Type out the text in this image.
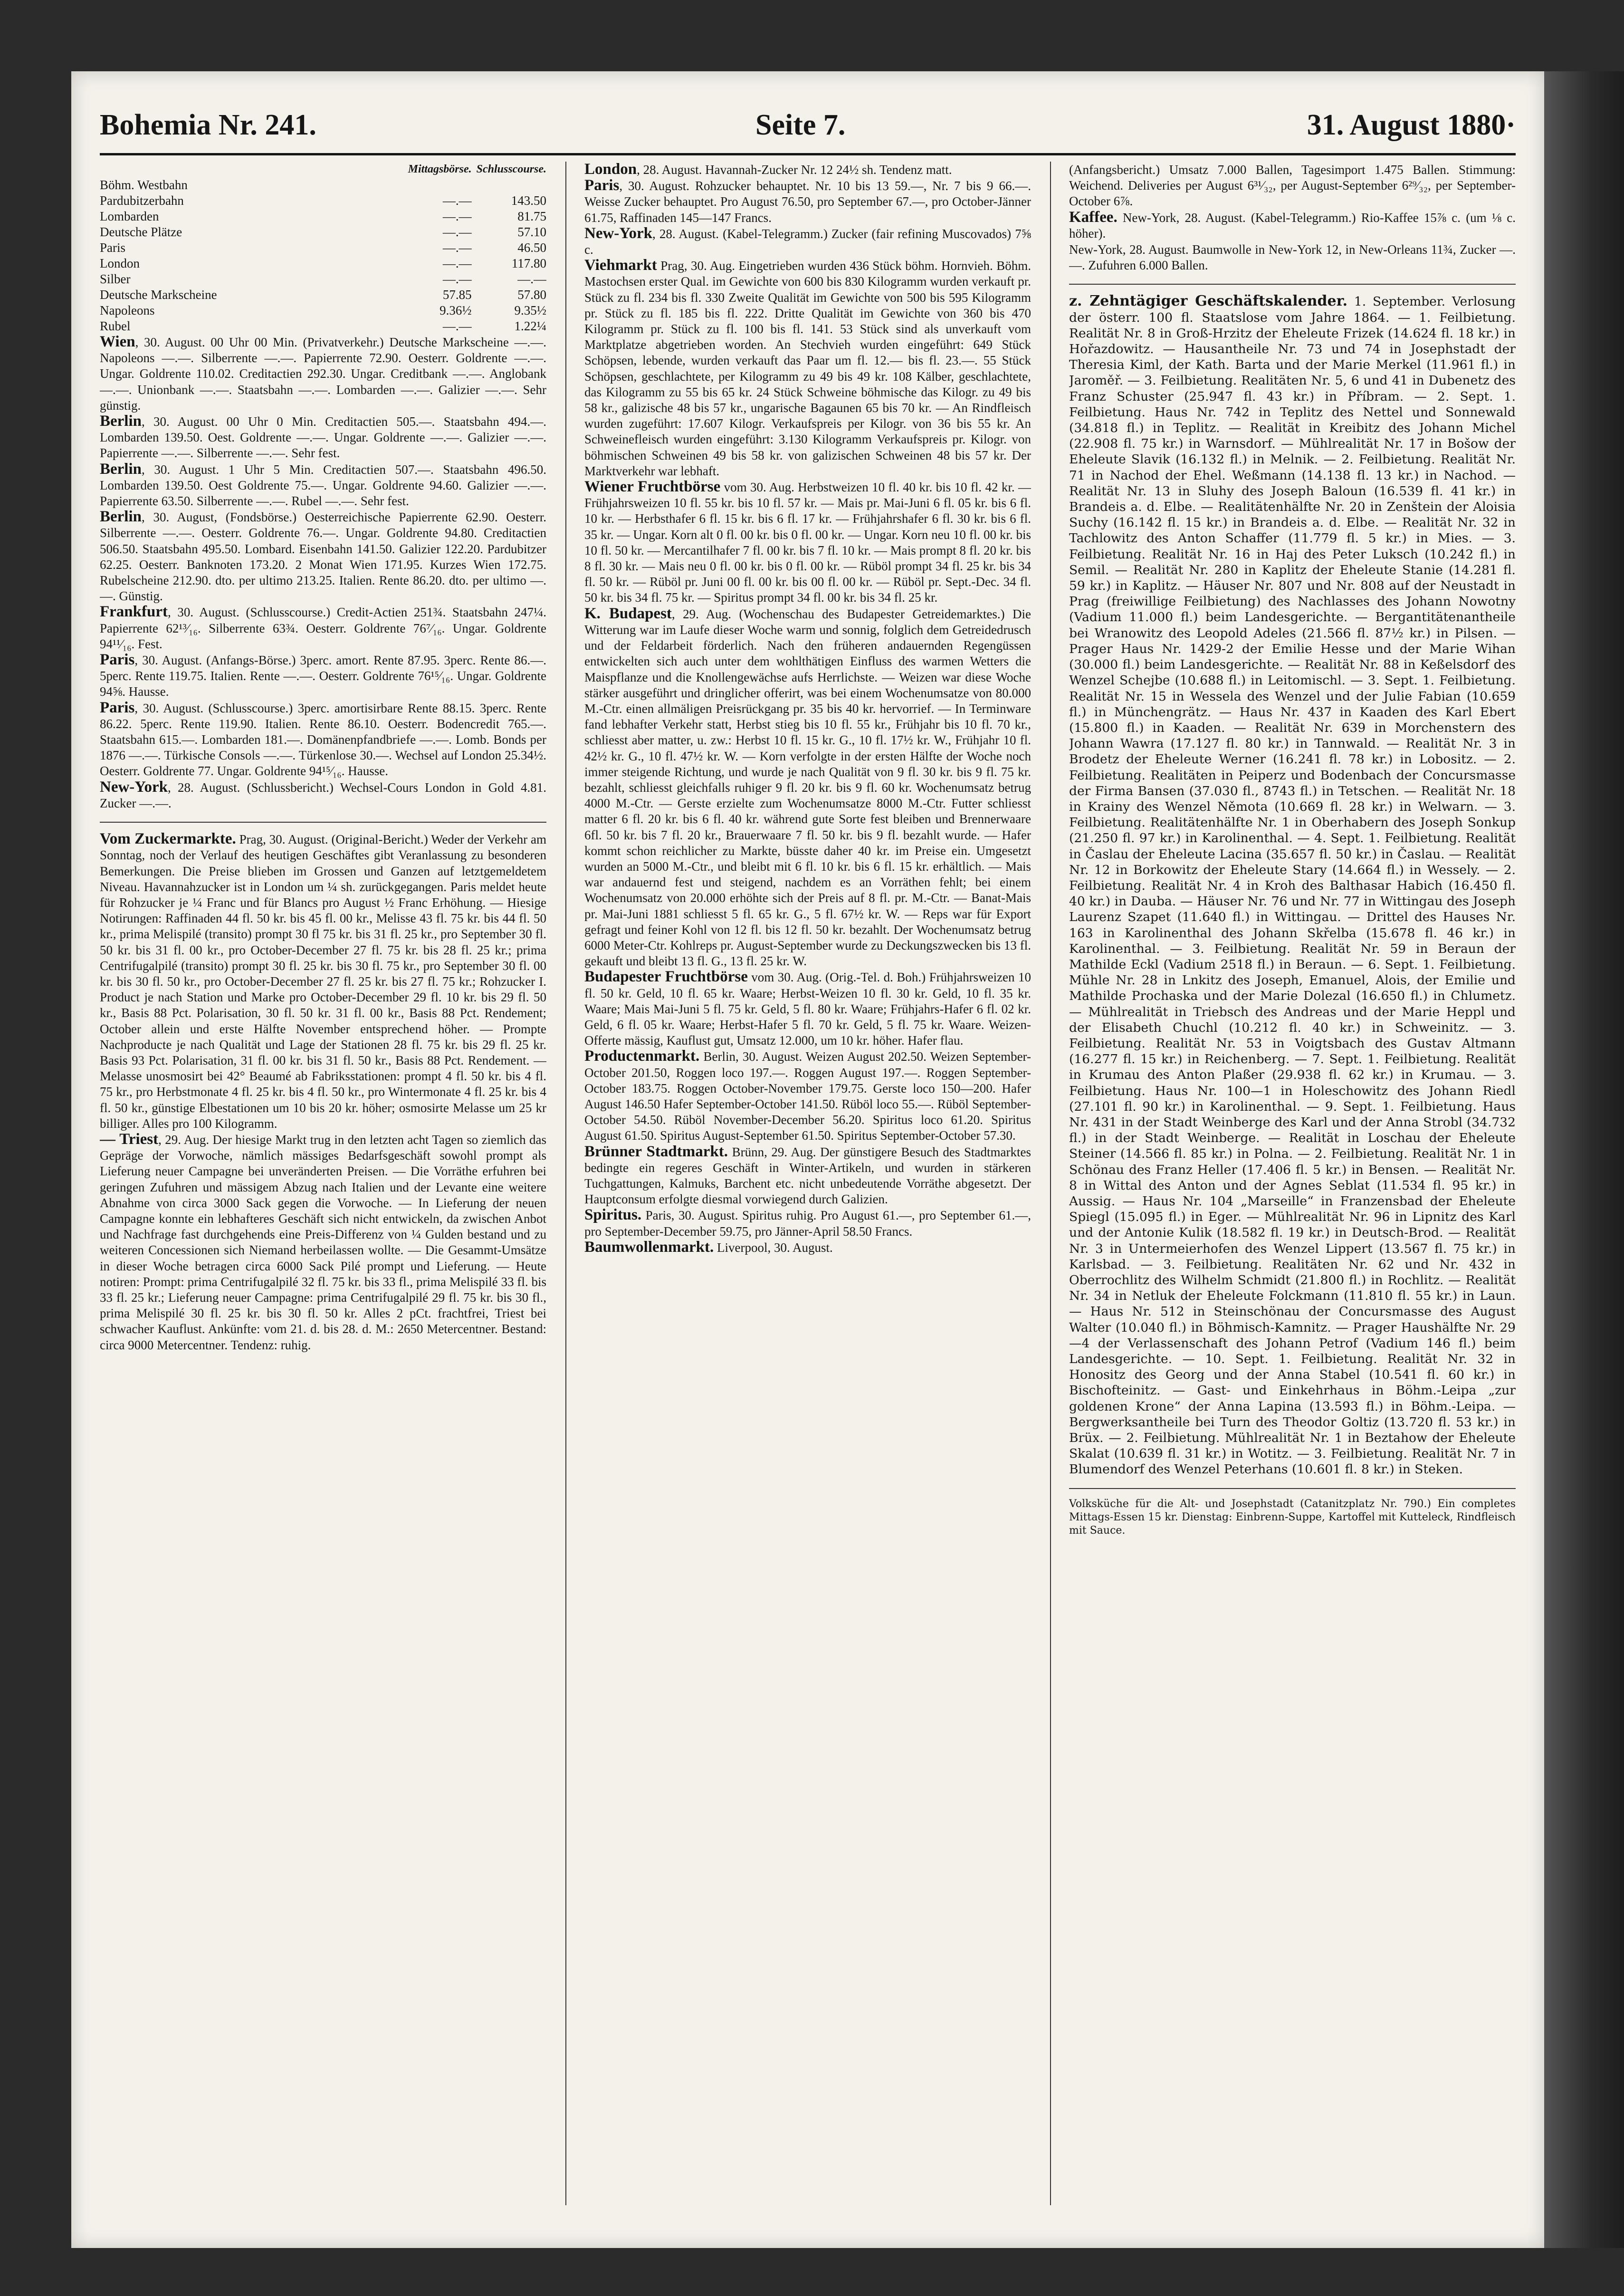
Bohemia Nr. 241.	Seite 7.	31. August 1880·
	Mittagsbörse.	Schlusscourse.
Böhm. Westbahn		
Pardubitzerbahn	—.—	143.50
Lombarden	—.—	81.75
Deutsche Plätze	—.—	57.10
Paris	—.—	46.50
London	—.—	117.80
Silber	—.—	—.—
Deutsche Markscheine	57.85	57.80
Napoleons	9.36½	9.35½
Rubel	—.—	1.22¼

Wien, 30. August. 00 Uhr 00 Min. (Privatverkehr.) Deutsche Markscheine —.—. Napoleons —.—. Silberrente —.—. Papierrente 72.90. Oesterr. Goldrente —.—. Ungar. Goldrente 110.02. Creditactien 292.30. Ungar. Creditbank —.—. Anglobank —.—. Unionbank —.—. Staatsbahn —.—. Lombarden —.—. Galizier —.—. Sehr günstig.

Berlin, 30. August. 00 Uhr 0 Min. Creditactien 505.—. Staatsbahn 494.—. Lombarden 139.50. Oest. Goldrente —.—. Ungar. Goldrente —.—. Galizier —.—. Papierrente —.—. Silberrente —.—. Sehr fest.

Berlin, 30. August. 1 Uhr 5 Min. Creditactien 507.—. Staatsbahn 496.50. Lombarden 139.50. Oest Goldrente 75.—. Ungar. Goldrente 94.60. Galizier —.—. Papierrente 63.50. Silberrente —.—. Rubel —.—. Sehr fest.

Berlin, 30. August, (Fondsbörse.) Oesterreichische Papierrente 62.90. Oesterr. Silberrente —.—. Oesterr. Goldrente 76.—. Ungar. Goldrente 94.80. Creditactien 506.50. Staatsbahn 495.50. Lombard. Eisenbahn 141.50. Galizier 122.20. Pardubitzer 62.25. Oesterr. Banknoten 173.20. 2 Monat Wien 171.95. Kurzes Wien 172.75. Rubelscheine 212.90. dto. per ultimo 213.25. Italien. Rente 86.20. dto. per ultimo —.—. Günstig.

Frankfurt, 30. August. (Schlusscourse.) Credit-Actien 251¾. Staatsbahn 247¼. Papierrente 62¹³⁄₁₆. Silberrente 63¾. Oesterr. Goldrente 76⁷⁄₁₆. Ungar. Goldrente 94¹¹⁄₁₆. Fest.

Paris, 30. August. (Anfangs-Börse.) 3perc. amort. Rente 87.95. 3perc. Rente 86.—. 5perc. Rente 119.75. Italien. Rente —.—. Oesterr. Goldrente 76¹⁵⁄₁₆. Ungar. Goldrente 94⅝. Hausse.

Paris, 30. August. (Schlusscourse.) 3perc. amortisirbare Rente 88.15. 3perc. Rente 86.22. 5perc. Rente 119.90. Italien. Rente 86.10. Oesterr. Bodencredit 765.—. Staatsbahn 615.—. Lombarden 181.—. Domänenpfandbriefe —.—. Lomb. Bonds per 1876 —.—. Türkische Consols —.—. Türkenlose 30.—. Wechsel auf London 25.34½. Oesterr. Goldrente 77. Ungar. Goldrente 94¹⁵⁄₁₆. Hausse.

New-York, 28. August. (Schlussbericht.) Wechsel-Cours London in Gold 4.81. Zucker —.—.

Vom Zuckermarkte. Prag, 30. August. (Original-Bericht.) Weder der Verkehr am Sonntag, noch der Verlauf des heutigen Geschäftes gibt Veranlassung zu besonderen Bemerkungen. Die Preise blieben im Grossen und Ganzen auf letztgemeldetem Niveau. Havannahzucker ist in London um ¼ sh. zurückgegangen. Paris meldet heute für Rohzucker je ¼ Franc und für Blancs pro August ½ Franc Erhöhung. — Hiesige Notirungen: Raffinaden 44 fl. 50 kr. bis 45 fl. 00 kr., Melisse 43 fl. 75 kr. bis 44 fl. 50 kr., prima Melispilé (transito) prompt 30 fl 75 kr. bis 31 fl. 25 kr., pro September 30 fl. 50 kr. bis 31 fl. 00 kr., pro October-December 27 fl. 75 kr. bis 28 fl. 25 kr.; prima Centrifugalpilé (transito) prompt 30 fl. 25 kr. bis 30 fl. 75 kr., pro September 30 fl. 00 kr. bis 30 fl. 50 kr., pro October-December 27 fl. 25 kr. bis 27 fl. 75 kr.; Rohzucker I. Product je nach Station und Marke pro October-December 29 fl. 10 kr. bis 29 fl. 50 kr., Basis 88 Pct. Polarisation, 30 fl. 50 kr. 31 fl. 00 kr., Basis 88 Pct. Rendement; October allein und erste Hälfte November entsprechend höher. — Prompte Nachproducte je nach Qualität und Lage der Stationen 28 fl. 75 kr. bis 29 fl. 25 kr. Basis 93 Pct. Polarisation, 31 fl. 00 kr. bis 31 fl. 50 kr., Basis 88 Pct. Rendement. — Melasse unosmosirt bei 42° Beaumé ab Fabriksstationen: prompt 4 fl. 50 kr. bis 4 fl. 75 kr., pro Herbstmonate 4 fl. 25 kr. bis 4 fl. 50 kr., pro Wintermonate 4 fl. 25 kr. bis 4 fl. 50 kr., günstige Elbestationen um 10 bis 20 kr. höher; osmosirte Melasse um 25 kr billiger. Alles pro 100 Kilogramm.

— Triest, 29. Aug. Der hiesige Markt trug in den letzten acht Tagen so ziemlich das Gepräge der Vorwoche, nämlich mässiges Bedarfsgeschäft sowohl prompt als Lieferung neuer Campagne bei unveränderten Preisen. — Die Vorräthe erfuhren bei geringen Zufuhren und mässigem Abzug nach Italien und der Levante eine weitere Abnahme von circa 3000 Sack gegen die Vorwoche. — In Lieferung der neuen Campagne konnte ein lebhafteres Geschäft sich nicht entwickeln, da zwischen Anbot und Nachfrage fast durchgehends eine Preis-Differenz von ¼ Gulden bestand und zu weiteren Concessionen sich Niemand herbeilassen wollte. — Die Gesammt-Umsätze in dieser Woche betragen circa 6000 Sack Pilé prompt und Lieferung. — Heute notiren: Prompt: prima Centrifugalpilé 32 fl. 75 kr. bis 33 fl., prima Melispilé 33 fl. bis 33 fl. 25 kr.; Lieferung neuer Campagne: prima Centrifugalpilé 29 fl. 75 kr. bis 30 fl., prima Melispilé 30 fl. 25 kr. bis 30 fl. 50 kr. Alles 2 pCt. frachtfrei, Triest bei schwacher Kauflust. Ankünfte: vom 21. d. bis 28. d. M.: 2650 Metercentner. Bestand: circa 9000 Metercentner. Tendenz: ruhig.

London, 28. August. Havannah-Zucker Nr. 12 24½ sh. Tendenz matt.

Paris, 30. August. Rohzucker behauptet. Nr. 10 bis 13 59.—, Nr. 7 bis 9 66.—. Weisse Zucker behauptet. Pro August 76.50, pro September 67.—, pro October-Jänner 61.75, Raffinaden 145—147 Francs.

New-York, 28. August. (Kabel-Telegramm.) Zucker (fair refining Muscovados) 7⅝ c.

Viehmarkt Prag, 30. Aug. Eingetrieben wurden 436 Stück böhm. Hornvieh. Böhm. Mastochsen erster Qual. im Gewichte von 600 bis 830 Kilogramm wurden verkauft pr. Stück zu fl. 234 bis fl. 330 Zweite Qualität im Gewichte von 500 bis 595 Kilogramm pr. Stück zu fl. 185 bis fl. 222. Dritte Qualität im Gewichte von 360 bis 470 Kilogramm pr. Stück zu fl. 100 bis fl. 141. 53 Stück sind als unverkauft vom Marktplatze abgetrieben worden. An Stechvieh wurden eingeführt: 649 Stück Schöpsen, lebende, wurden verkauft das Paar um fl. 12.— bis fl. 23.—. 55 Stück Schöpsen, geschlachtete, per Kilogramm zu 49 bis 49 kr. 108 Kälber, geschlachtete, das Kilogramm zu 55 bis 65 kr. 24 Stück Schweine böhmische das Kilogr. zu 49 bis 58 kr., galizische 48 bis 57 kr., ungarische Bagaunen 65 bis 70 kr. — An Rindfleisch wurden zugeführt: 17.607 Kilogr. Verkaufspreis per Kilogr. von 36 bis 55 kr. An Schweinefleisch wurden eingeführt: 3.130 Kilogramm Verkaufspreis pr. Kilogr. von böhmischen Schweinen 49 bis 58 kr. von galizischen Schweinen 48 bis 57 kr. Der Marktverkehr war lebhaft.

Wiener Fruchtbörse vom 30. Aug. Herbstweizen 10 fl. 40 kr. bis 10 fl. 42 kr. — Frühjahrsweizen 10 fl. 55 kr. bis 10 fl. 57 kr. — Mais pr. Mai-Juni 6 fl. 05 kr. bis 6 fl. 10 kr. — Herbsthafer 6 fl. 15 kr. bis 6 fl. 17 kr. — Frühjahrshafer 6 fl. 30 kr. bis 6 fl. 35 kr. — Ungar. Korn alt 0 fl. 00 kr. bis 0 fl. 00 kr. — Ungar. Korn neu 10 fl. 00 kr. bis 10 fl. 50 kr. — Mercantilhafer 7 fl. 00 kr. bis 7 fl. 10 kr. — Mais prompt 8 fl. 20 kr. bis 8 fl. 30 kr. — Mais neu 0 fl. 00 kr. bis 0 fl. 00 kr. — Rüböl prompt 34 fl. 25 kr. bis 34 fl. 50 kr. — Rüböl pr. Juni 00 fl. 00 kr. bis 00 fl. 00 kr. — Rüböl pr. Sept.-Dec. 34 fl. 50 kr. bis 34 fl. 75 kr. — Spiritus prompt 34 fl. 00 kr. bis 34 fl. 25 kr.

K. Budapest, 29. Aug. (Wochenschau des Budapester Getreidemarktes.) Die Witterung war im Laufe dieser Woche warm und sonnig, folglich dem Getreidedrusch und der Feldarbeit förderlich. Nach den früheren andauernden Regengüssen entwickelten sich auch unter dem wohlthätigen Einfluss des warmen Wetters die Maispflanze und die Knollengewächse aufs Herrlichste. — Weizen war diese Woche stärker ausgeführt und dringlicher offerirt, was bei einem Wochenumsatze von 80.000 M.-Ctr. einen allmäligen Preisrückgang pr. 35 bis 40 kr. hervorrief. — In Terminware fand lebhafter Verkehr statt, Herbst stieg bis 10 fl. 55 kr., Frühjahr bis 10 fl. 70 kr., schliesst aber matter, u. zw.: Herbst 10 fl. 15 kr. G., 10 fl. 17½ kr. W., Frühjahr 10 fl. 42½ kr. G., 10 fl. 47½ kr. W. — Korn verfolgte in der ersten Hälfte der Woche noch immer steigende Richtung, und wurde je nach Qualität von 9 fl. 30 kr. bis 9 fl. 75 kr. bezahlt, schliesst gleichfalls ruhiger 9 fl. 20 kr. bis 9 fl. 60 kr. Wochenumsatz betrug 4000 M.-Ctr. — Gerste erzielte zum Wochenumsatze 8000 M.-Ctr. Futter schliesst matter 6 fl. 20 kr. bis 6 fl. 40 kr. während gute Sorte fest bleiben und Brennerwaare 6fl. 50 kr. bis 7 fl. 20 kr., Brauerwaare 7 fl. 50 kr. bis 9 fl. bezahlt wurde. — Hafer kommt schon reichlicher zu Markte, büsste daher 40 kr. im Preise ein. Umgesetzt wurden an 5000 M.-Ctr., und bleibt mit 6 fl. 10 kr. bis 6 fl. 15 kr. erhältlich. — Mais war andauernd fest und steigend, nachdem es an Vorräthen fehlt; bei einem Wochenumsatz von 20.000 erhöhte sich der Preis auf 8 fl. pr. M.-Ctr. — Banat-Mais pr. Mai-Juni 1881 schliesst 5 fl. 65 kr. G., 5 fl. 67½ kr. W. — Reps war für Export gefragt und feiner Kohl von 12 fl. bis 12 fl. 50 kr. bezahlt. Der Wochenumsatz betrug 6000 Meter-Ctr. Kohlreps pr. August-September wurde zu Deckungszwecken bis 13 fl. gekauft und bleibt 13 fl. G., 13 fl. 25 kr. W.

Budapester Fruchtbörse vom 30. Aug. (Orig.-Tel. d. Boh.) Frühjahrsweizen 10 fl. 50 kr. Geld, 10 fl. 65 kr. Waare; Herbst-Weizen 10 fl. 30 kr. Geld, 10 fl. 35 kr. Waare; Mais Mai-Juni 5 fl. 75 kr. Geld, 5 fl. 80 kr. Waare; Frühjahrs-Hafer 6 fl. 02 kr. Geld, 6 fl. 05 kr. Waare; Herbst-Hafer 5 fl. 70 kr. Geld, 5 fl. 75 kr. Waare. Weizen-Offerte mässig, Kauflust gut, Umsatz 12.000, um 10 kr. höher. Hafer flau.

Productenmarkt. Berlin, 30. August. Weizen August 202.50. Weizen September-October 201.50, Roggen loco 197.—. Roggen August 197.—. Roggen September-October 183.75. Roggen October-November 179.75. Gerste loco 150—200. Hafer August 146.50 Hafer September-October 141.50. Rüböl loco 55.—. Rüböl September-October 54.50. Rüböl November-December 56.20. Spiritus loco 61.20. Spiritus August 61.50. Spiritus August-September 61.50. Spiritus September-October 57.30.

Brünner Stadtmarkt. Brünn, 29. Aug. Der günstigere Besuch des Stadtmarktes bedingte ein regeres Geschäft in Winter-Artikeln, und wurden in stärkeren Tuchgattungen, Kalmuks, Barchent etc. nicht unbedeutende Vorräthe abgesetzt. Der Hauptconsum erfolgte diesmal vorwiegend durch Galizien.

Spiritus. Paris, 30. August. Spiritus ruhig. Pro August 61.—, pro September 61.—, pro September-December 59.75, pro Jänner-April 58.50 Francs.

Baumwollenmarkt. Liverpool, 30. August.

(Anfangsbericht.) Umsatz 7.000 Ballen, Tagesimport 1.475 Ballen. Stimmung: Weichend. Deliveries per August 6³¹⁄₃₂, per August-September 6²⁹⁄₃₂, per September-October 6⅞.

Kaffee. New-York, 28. August. (Kabel-Telegramm.) Rio-Kaffee 15⅞ c. (um ⅛ c. höher).

New-York, 28. August. Baumwolle in New-York 12, in New-Orleans 11¾, Zucker —.—. Zufuhren 6.000 Ballen.

z. Zehntägiger Geschäftskalender. 1. September. Verlosung der österr. 100 fl. Staatslose vom Jahre 1864. — 1. Feilbietung. Realität Nr. 8 in Groß-Hrzitz der Eheleute Frizek (14.624 fl. 18 kr.) in Hořazdowitz. — Hausantheile Nr. 73 und 74 in Josephstadt der Theresia Kiml, der Kath. Barta und der Marie Merkel (11.961 fl.) in Jaroměř. — 3. Feilbietung. Realitäten Nr. 5, 6 und 41 in Dubenetz des Franz Schuster (25.947 fl. 43 kr.) in Příbram. — 2. Sept. 1. Feilbietung. Haus Nr. 742 in Teplitz des Nettel und Sonnewald (34.818 fl.) in Teplitz. — Realität in Kreibitz des Johann Michel (22.908 fl. 75 kr.) in Warnsdorf. — Mühlrealität Nr. 17 in Bošow der Eheleute Slavik (16.132 fl.) in Melnik. — 2. Feilbietung. Realität Nr. 71 in Nachod der Ehel. Weßmann (14.138 fl. 13 kr.) in Nachod. — Realität Nr. 13 in Sluhy des Joseph Baloun (16.539 fl. 41 kr.) in Brandeis a. d. Elbe. — Realitätenhälfte Nr. 20 in Zenštein der Aloisia Suchy (16.142 fl. 15 kr.) in Brandeis a. d. Elbe. — Realität Nr. 32 in Tachlowitz des Anton Schaffer (11.779 fl. 5 kr.) in Mies. — 3. Feilbietung. Realität Nr. 16 in Haj des Peter Luksch (10.242 fl.) in Semil. — Realität Nr. 280 in Kaplitz der Eheleute Stanie (14.281 fl. 59 kr.) in Kaplitz. — Häuser Nr. 807 und Nr. 808 auf der Neustadt in Prag (freiwillige Feilbietung) des Nachlasses des Johann Nowotny (Vadium 11.000 fl.) beim Landesgerichte. — Bergantitätenantheile bei Wranowitz des Leopold Adeles (21.566 fl. 87½ kr.) in Pilsen. — Prager Haus Nr. 1429-2 der Emilie Hesse und der Marie Wihan (30.000 fl.) beim Landesgerichte. — Realität Nr. 88 in Keßelsdorf des Wenzel Schejbe (10.688 fl.) in Leitomischl. — 3. Sept. 1. Feilbietung. Realität Nr. 15 in Wessela des Wenzel und der Julie Fabian (10.659 fl.) in Münchengrätz. — Haus Nr. 437 in Kaaden des Karl Ebert (15.800 fl.) in Kaaden. — Realität Nr. 639 in Morchenstern des Johann Wawra (17.127 fl. 80 kr.) in Tannwald. — Realität Nr. 3 in Brodetz der Eheleute Werner (16.241 fl. 78 kr.) in Lobositz. — 2. Feilbietung. Realitäten in Peiperz und Bodenbach der Concursmasse der Firma Bansen (37.030 fl., 8743 fl.) in Tetschen. — Realität Nr. 18 in Krainy des Wenzel Němota (10.669 fl. 28 kr.) in Welwarn. — 3. Feilbietung. Realitätenhälfte Nr. 1 in Oberhabern des Joseph Sonkup (21.250 fl. 97 kr.) in Karolinenthal. — 4. Sept. 1. Feilbietung. Realität in Časlau der Eheleute Lacina (35.657 fl. 50 kr.) in Časlau. — Realität Nr. 12 in Borkowitz der Eheleute Stary (14.664 fl.) in Wessely. — 2. Feilbietung. Realität Nr. 4 in Kroh des Balthasar Habich (16.450 fl. 40 kr.) in Dauba. — Häuser Nr. 76 und Nr. 77 in Wittingau des Joseph Laurenz Szapet (11.640 fl.) in Wittingau. — Drittel des Hauses Nr. 163 in Karolinenthal des Johann Skřelba (15.678 fl. 46 kr.) in Karolinenthal. — 3. Feilbietung. Realität Nr. 59 in Beraun der Mathilde Eckl (Vadium 2518 fl.) in Beraun. — 6. Sept. 1. Feilbietung. Mühle Nr. 28 in Lnkitz des Joseph, Emanuel, Alois, der Emilie und Mathilde Prochaska und der Marie Dolezal (16.650 fl.) in Chlumetz. — Mühlrealität in Triebsch des Andreas und der Marie Heppl und der Elisabeth Chuchl (10.212 fl. 40 kr.) in Schweinitz. — 3. Feilbietung. Realität Nr. 53 in Voigtsbach des Gustav Altmann (16.277 fl. 15 kr.) in Reichenberg. — 7. Sept. 1. Feilbietung. Realität in Krumau des Anton Plaßer (29.938 fl. 62 kr.) in Krumau. — 3. Feilbietung. Haus Nr. 100—1 in Holeschowitz des Johann Riedl (27.101 fl. 90 kr.) in Karolinenthal. — 9. Sept. 1. Feilbietung. Haus Nr. 431 in der Stadt Weinberge des Karl und der Anna Strobl (34.732 fl.) in der Stadt Weinberge. — Realität in Loschau der Eheleute Steiner (14.566 fl. 85 kr.) in Polna. — 2. Feilbietung. Realität Nr. 1 in Schönau des Franz Heller (17.406 fl. 5 kr.) in Bensen. — Realität Nr. 8 in Wittal des Anton und der Agnes Seblat (11.534 fl. 95 kr.) in Aussig. — Haus Nr. 104 „Marseille“ in Franzensbad der Eheleute Spiegl (15.095 fl.) in Eger. — Mühlrealität Nr. 96 in Lipnitz des Karl und der Antonie Kulik (18.582 fl. 19 kr.) in Deutsch-Brod. — Realität Nr. 3 in Untermeierhofen des Wenzel Lippert (13.567 fl. 75 kr.) in Karlsbad. — 3. Feilbietung. Realitäten Nr. 62 und Nr. 432 in Oberrochlitz des Wilhelm Schmidt (21.800 fl.) in Rochlitz. — Realität Nr. 34 in Netluk der Eheleute Folckmann (11.810 fl. 55 kr.) in Laun. — Haus Nr. 512 in Steinschönau der Concursmasse des August Walter (10.040 fl.) in Böhmisch-Kamnitz. — Prager Haushälfte Nr. 29—4 der Verlassenschaft des Johann Petrof (Vadium 146 fl.) beim Landesgerichte. — 10. Sept. 1. Feilbietung. Realität Nr. 32 in Honositz des Georg und der Anna Stabel (10.541 fl. 60 kr.) in Bischofteinitz. — Gast- und Einkehrhaus in Böhm.-Leipa „zur goldenen Krone“ der Anna Lapina (13.593 fl.) in Böhm.-Leipa. — Bergwerksantheile bei Turn des Theodor Goltiz (13.720 fl. 53 kr.) in Brüx. — 2. Feilbietung. Mühlrealität Nr. 1 in Beztahow der Eheleute Skalat (10.639 fl. 31 kr.) in Wotitz. — 3. Feilbietung. Realität Nr. 7 in Blumendorf des Wenzel Peterhans (10.601 fl. 8 kr.) in Steken.

Volksküche für die Alt- und Josephstadt (Catanitzplatz Nr. 790.) Ein completes Mittags-Essen 15 kr. Dienstag: Einbrenn-Suppe, Kartoffel mit Kutteleck, Rindfleisch mit Sauce.
